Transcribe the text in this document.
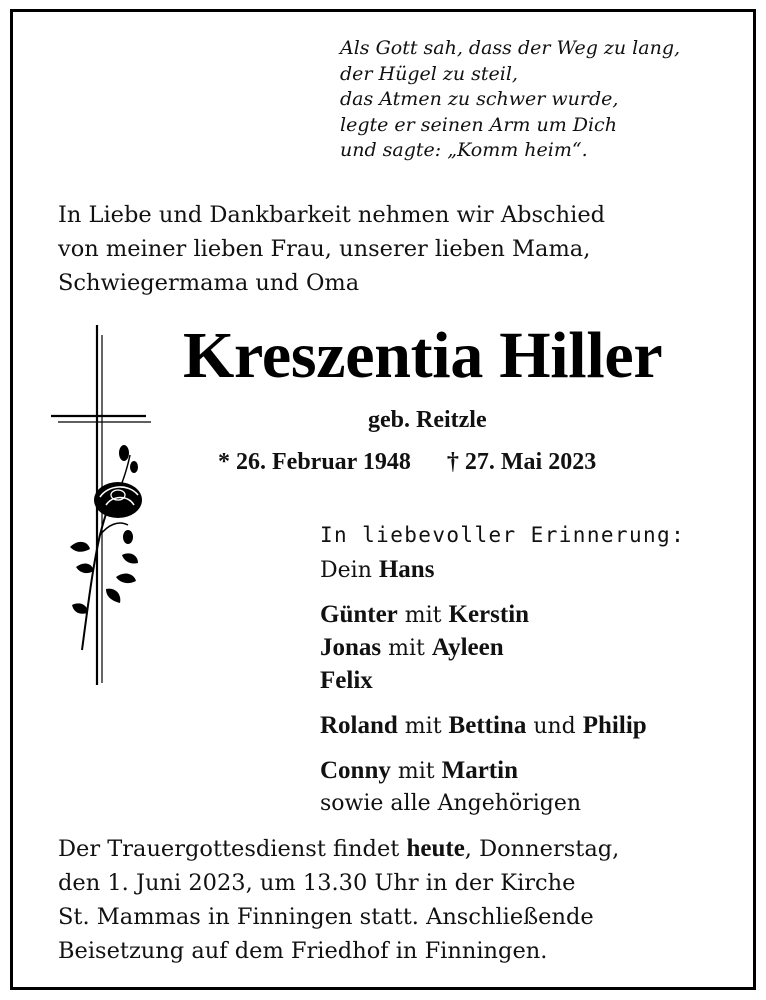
Als Gott sah, dass der Weg zu lang,
der Hügel zu steil,
das Atmen zu schwer wurde,
legte er seinen Arm um Dich
und sagte: „Komm heim“.
In Liebe und Dankbarkeit nehmen wir Abschied
von meiner lieben Frau, unserer lieben Mama,
Schwiegermama und Oma
Kreszentia Hiller
geb. Reitzle
* 26. Februar 1948 † 27. Mai 2023
In liebevoller Erinnerung:
Dein Hans
Günter mit Kerstin
Jonas mit Ayleen
Felix
Roland mit Bettina und Philip
Conny mit Martin
sowie alle Angehörigen
Der Trauergottesdienst findet heute, Donnerstag,
den 1. Juni 2023, um 13.30 Uhr in der Kirche
St. Mammas in Finningen statt. Anschließende
Beisetzung auf dem Friedhof in Finningen.
